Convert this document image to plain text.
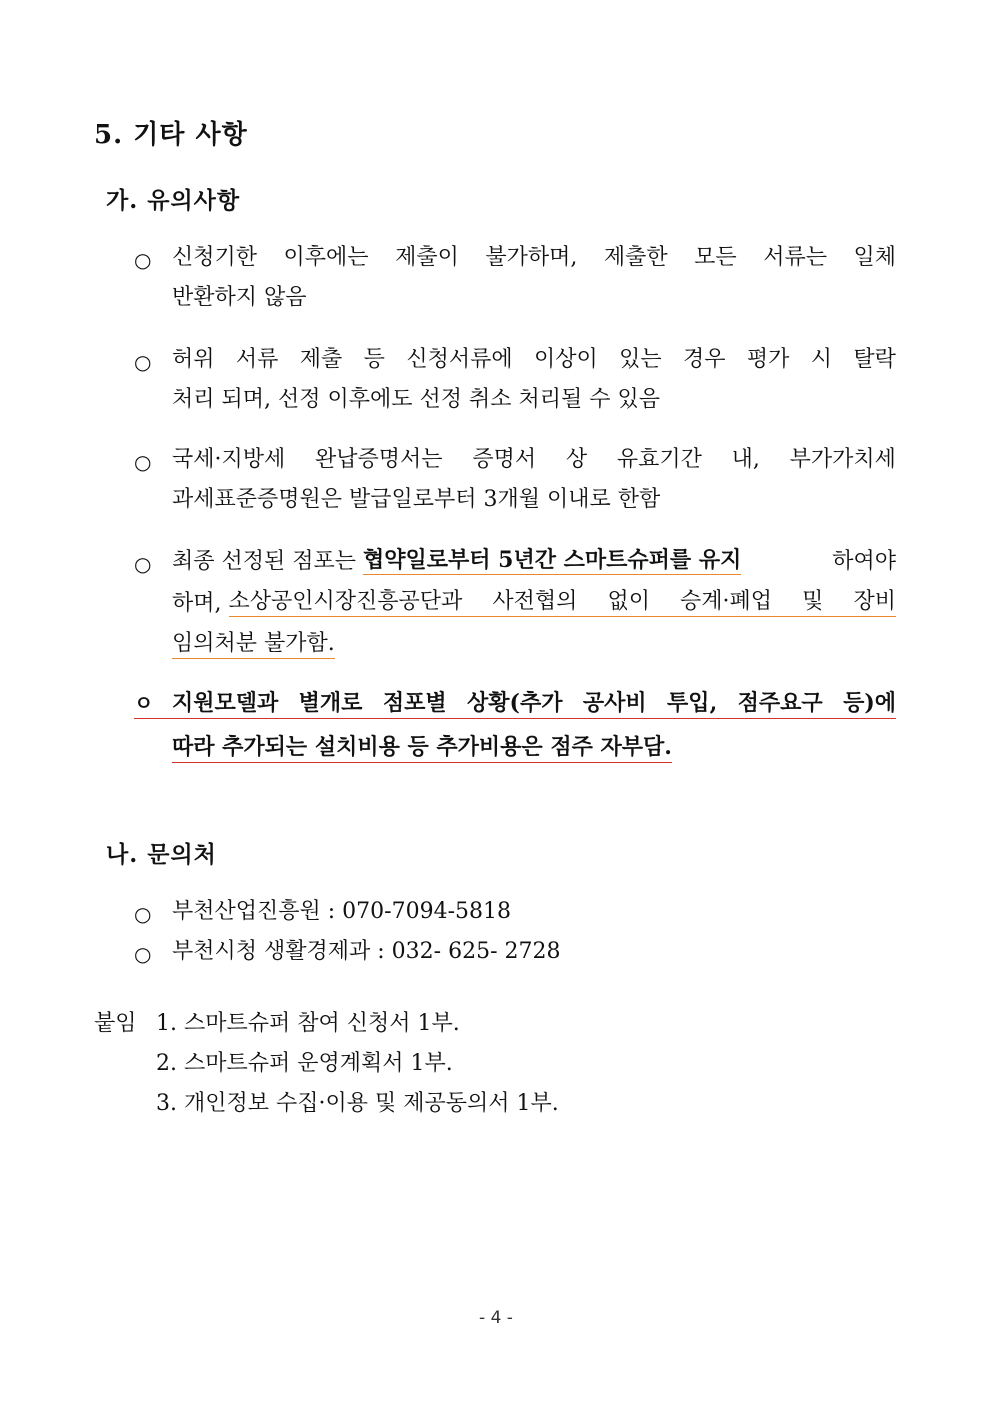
5. 기타 사항
가. 유의사항
○ 신청기한 이후에는 제출이 불가하며, 제출한 모든 서류는 일체
반환하지 않음
○ 허위 서류 제출 등 신청서류에 이상이 있는 경우 평가 시 탈락
처리 되며, 선정 이후에도 선정 취소 처리될 수 있음
○ 국세·지방세 완납증명서는 증명서 상 유효기간 내, 부가가치세
과세표준증명원은 발급일로부터 3개월 이내로 한함
○ 최종 선정된 점포는 협약일로부터 5년간 스마트슈퍼를 유지	하여야
하며, 소상공인시장진흥공단과 사전협의 없이 승계·폐업 및 장비
임의처분 불가함.
ㅇ 지원모델과 별개로 점포별 상황(추가 공사비 투입, 점주요구 등)에
따라 추가되는 설치비용 등 추가비용은 점주 자부담.
나. 문의처
○ 부천산업진흥원 : 070-7094-5818
○ 부천시청 생활경제과 : 032- 625- 2728
붙임 1. 스마트슈퍼 참여 신청서 1부.
2. 스마트슈퍼 운영계획서 1부.
3. 개인정보 수집·이용 및 제공동의서 1부.
- 4 -
